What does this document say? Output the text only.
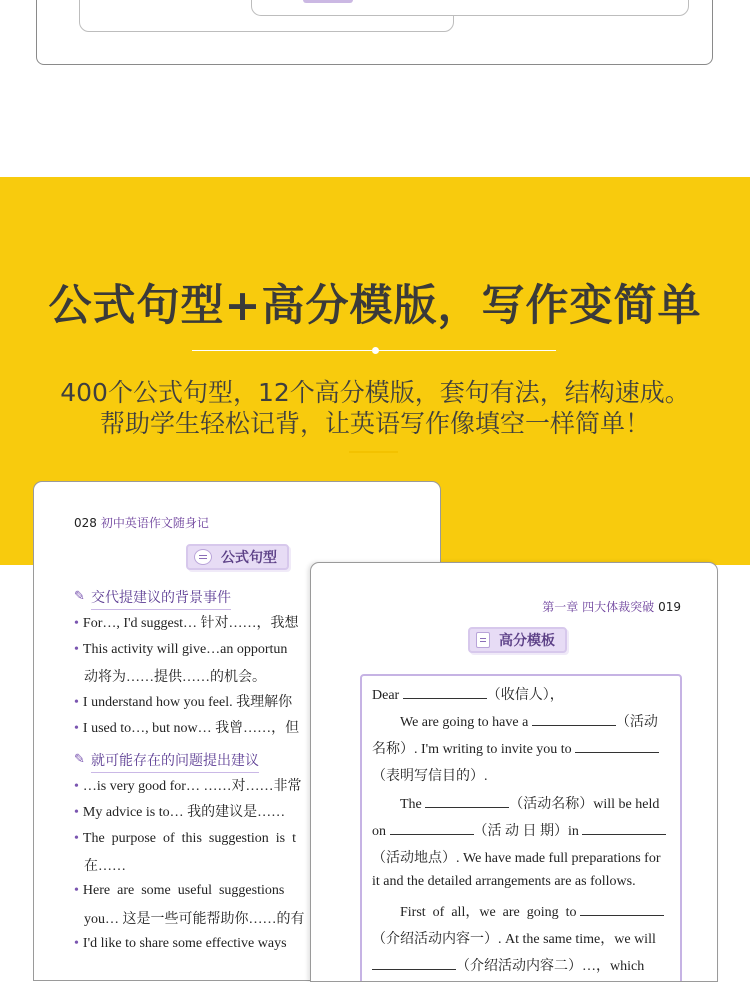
公式句型+高分模版，写作变简单
400个公式句型，12个高分模版，套句有法，结构速成。
帮助学生轻松记背，让英语写作像填空一样简单！
028 初中英语作文随身记
公式句型
✎ 交代提建议的背景事件
• For…, I'd suggest… 针对……，我想
• This activity will give…an opportun
动将为……提供……的机会。
• I understand how you feel. 我理解你
• I used to…, but now… 我曾……，但
✎ 就可能存在的问题提出建议
• …is very good for… ……对……非常
• My advice is to… 我的建议是……
• The  purpose  of  this  suggestion  is  t
在……
• Here  are  some  useful  suggestions
you… 这是一些可能帮助你……的有
• I'd like to share some effective ways
第一章 四大体裁突破 019
高分模板
Dear	（收信人），
We are going to have a	（活动
名称）. I'm writing to invite you to
（表明写信目的）.
The	（活动名称）will be held
on	（活 动 日 期）in
（活动地点）. We have made full preparations for
it and the detailed arrangements are as follows.
First  of  all，we  are  going  to
（介绍活动内容一）. At the same time，we will
（介绍活动内容二）…，which
